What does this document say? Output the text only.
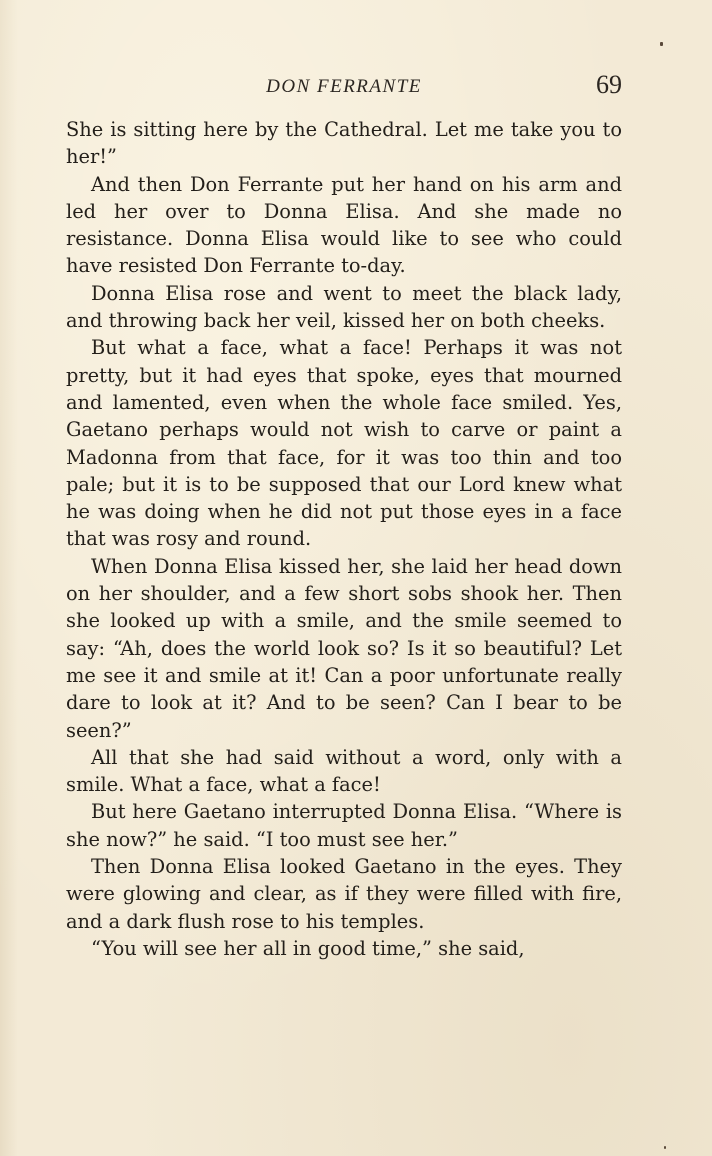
DON FERRANTE	69

She is sitting here by the Cathedral. Let me take you to her!”

And then Don Ferrante put her hand on his arm and led her over to Donna Elisa. And she made no resistance. Donna Elisa would like to see who could have resisted Don Ferrante to-day.

Donna Elisa rose and went to meet the black lady, and throwing back her veil, kissed her on both cheeks.

But what a face, what a face! Perhaps it was not pretty, but it had eyes that spoke, eyes that mourned and lamented, even when the whole face smiled. Yes, Gaetano perhaps would not wish to carve or paint a Madonna from that face, for it was too thin and too pale; but it is to be supposed that our Lord knew what he was doing when he did not put those eyes in a face that was rosy and round.

When Donna Elisa kissed her, she laid her head down on her shoulder, and a few short sobs shook her. Then she looked up with a smile, and the smile seemed to say: “Ah, does the world look so? Is it so beautiful? Let me see it and smile at it! Can a poor unfortunate really dare to look at it? And to be seen? Can I bear to be seen?”

All that she had said without a word, only with a smile. What a face, what a face!

But here Gaetano interrupted Donna Elisa. “Where is she now?” he said. “I too must see her.”

Then Donna Elisa looked Gaetano in the eyes. They were glowing and clear, as if they were filled with fire, and a dark flush rose to his temples.

“You will see her all in good time,” she said,
